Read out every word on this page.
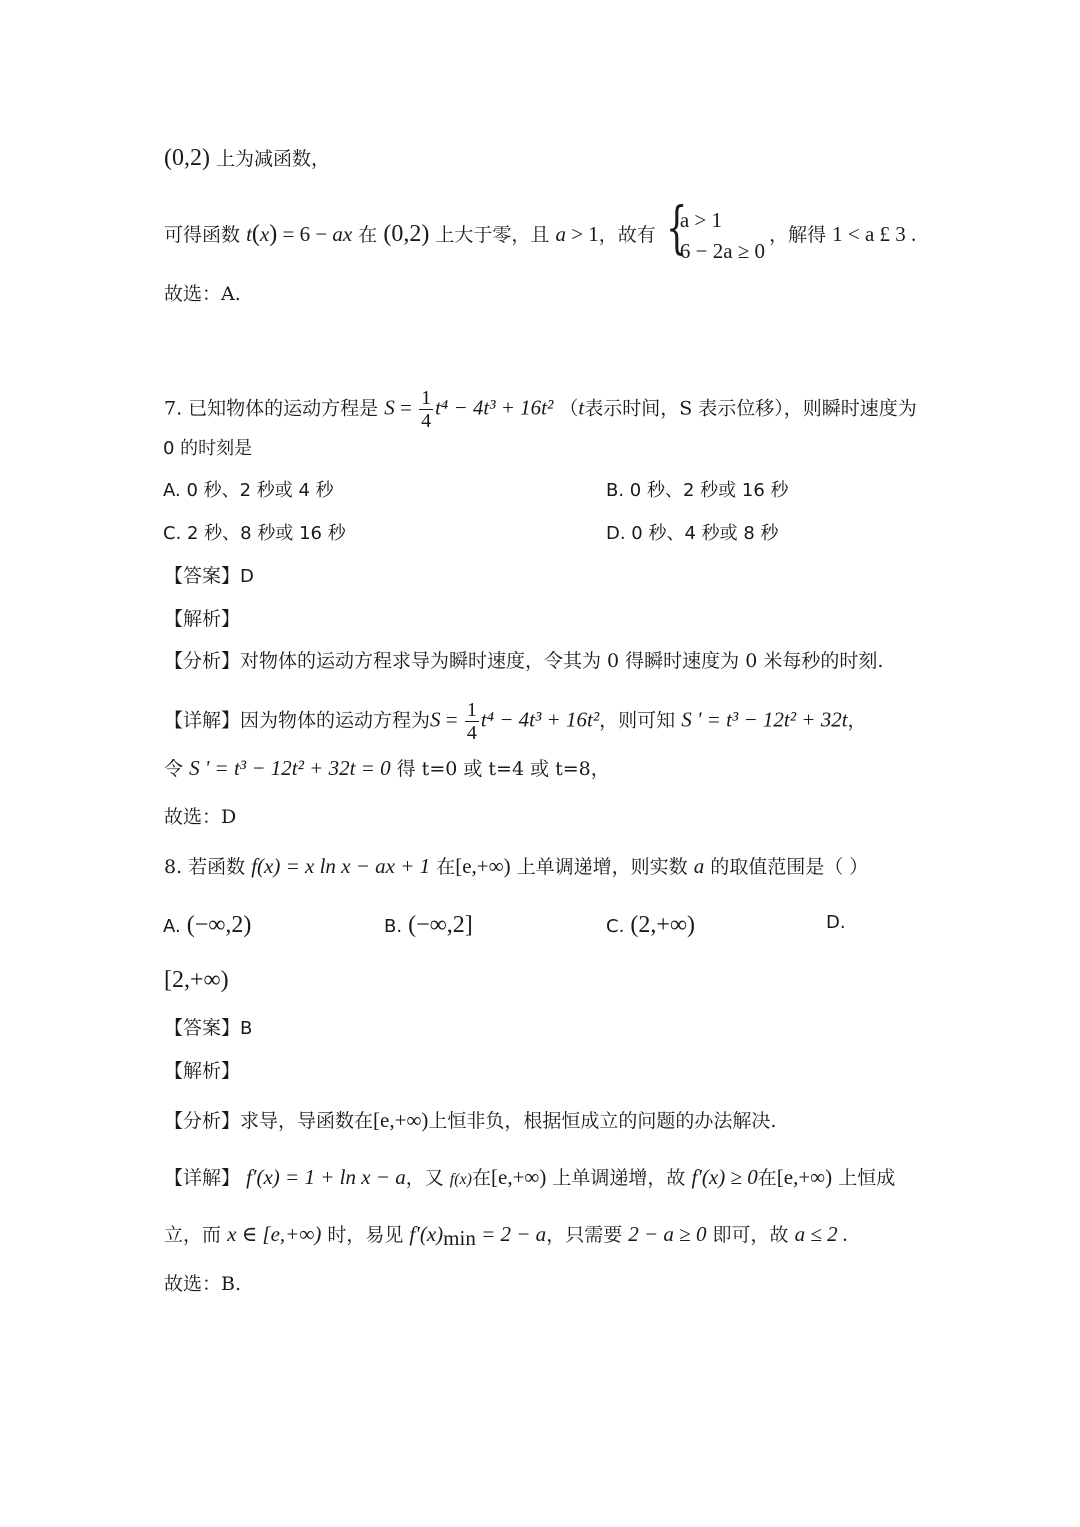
(0,2) 上为减函数，
可得函数 t(x) = 6 − ax 在 (0,2) 上大于零，且 a > 1，故有 {
a > 1
6 − 2a ≥ 0
，解得 1 < a £ 3 .
故选：A.
7. 已知物体的运动方程是 $S = \frac{1}{4} t^4 - 4t^3 + 16t^2$ （t表示时间，S 表示位移），则瞬时速度为
0 的时刻是
A. 0 秒、2 秒或 4 秒	B. 0 秒、2 秒或 16 秒
C. 2 秒、8 秒或 16 秒	D. 0 秒、4 秒或 8 秒
【答案】D
【解析】
【分析】对物体的运动方程求导为瞬时速度，令其为 0 得瞬时速度为 0 米每秒的时刻.
【详解】因为物体的运动方程为$S = \frac{1}{4} t^4 - 4t^3 + 16t^2$，则可知 S ' = t³ − 12t² + 32t，
令 S ' = t³ − 12t² + 32t = 0 得 t=0 或 t=4 或 t=8，
故选：D
8. 若函数 f(x) = x ln x − ax + 1 在[e,+∞) 上单调递增，则实数 a 的取值范围是（ ）
A. (−∞,2)	B. (−∞,2]	C. (2,+∞)	D.
[2,+∞)
【答案】B
【解析】
【分析】求导，导函数在[e,+∞)上恒非负，根据恒成立的问题的办法解决.
【详解】 f′(x) = 1 + ln x − a，又 f(x)在[e,+∞) 上单调递增，故 f′(x) ≥ 0在[e,+∞) 上恒成
立，而 x ∈ [e,+∞) 时，易见 $f'(x)_{min} = 2 - a$，只需要 2 − a ≥ 0 即可，故 a ≤ 2 .
故选：B.
